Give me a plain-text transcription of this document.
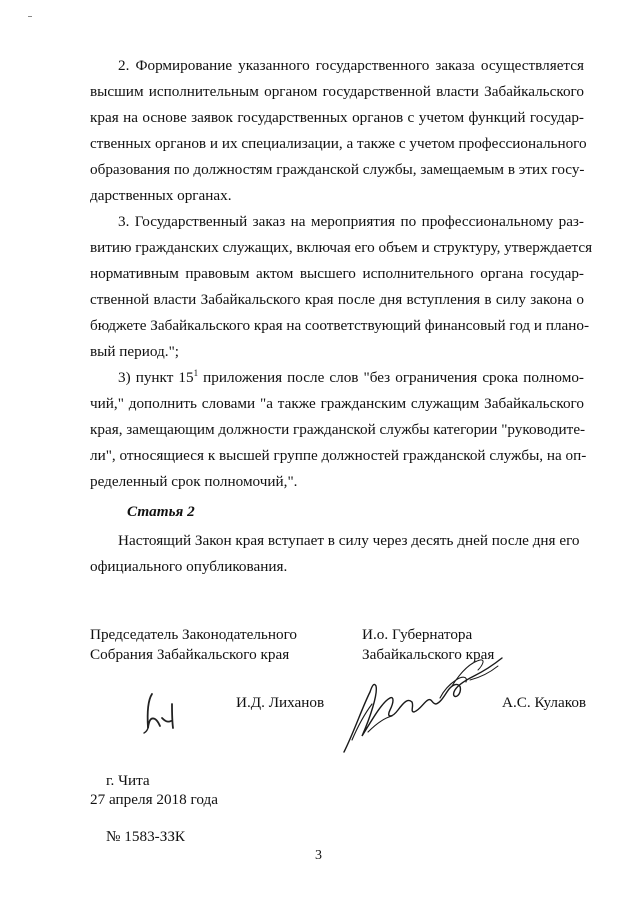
2. Формирование указанного государственного заказа осуществляется
высшим исполнительным органом государственной власти Забайкальского
края на основе заявок государственных органов с учетом функций государ-
ственных органов и их специализации, а также с учетом профессионального
образования по должностям гражданской службы, замещаемым в этих госу-
дарственных органах.
3. Государственный заказ на мероприятия по профессиональному раз-
витию гражданских служащих, включая его объем и структуру, утверждается
нормативным правовым актом высшего исполнительного органа государ-
ственной власти Забайкальского края после дня вступления в силу закона о
бюджете Забайкальского края на соответствующий финансовый год и плано-
вый период.";
3) пункт $15^1$ приложения после слов "без ограничения срока полномо-
чий," дополнить словами "а также гражданским служащим Забайкальского
края, замещающим должности гражданской службы категории "руководите-
ли", относящиеся к высшей группе должностей гражданской службы, на оп-
ределенный срок полномочий,".
Статья 2
Настоящий Закон края вступает в силу через десять дней после дня его
официального опубликования.
Председатель Законодательного
Собрания Забайкальского края
И.Д. Лиханов
И.о. Губернатора
Забайкальского края
А.С. Кулаков
г. Чита
27 апреля 2018 года
№ 1583-ЗЗК
3
